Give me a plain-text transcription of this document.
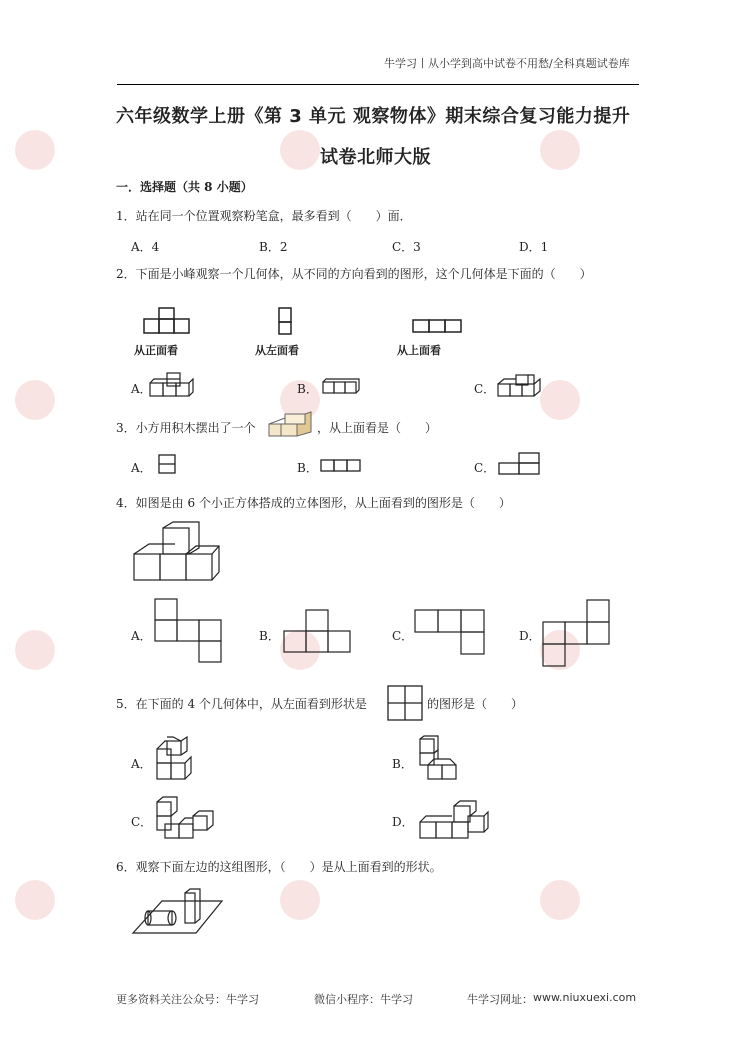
牛学习丨从小学到高中试卷不用愁/全科真题试卷库
六年级数学上册《第 3 单元 观察物体》期末综合复习能力提升
试卷北师大版
一．选择题（共 8 小题）
1．站在同一个位置观察粉笔盒，最多看到（　　）面．
A．4	B．2	C．3	D．1
2．下面是小峰观察一个几何体，从不同的方向看到的图形，这个几何体是下面的（　　）
从正面看	从左面看	从上面看
A．	B．	C．
3．小方用积木摆出了一个	，从上面看是（　　）
A．	B．	C．
4．如图是由 6 个小正方体搭成的立体图形，从上面看到的图形是（　　）
A．	B．	C．	D．
5．在下面的 4 个几何体中，从左面看到形状是	的图形是（　　）
A．	B．
C．	D．
6．观察下面左边的这组图形，（　　）是从上面看到的形状。
更多资料关注公众号：牛学习	微信小程序：牛学习	牛学习网址： www.niuxuexi.com
